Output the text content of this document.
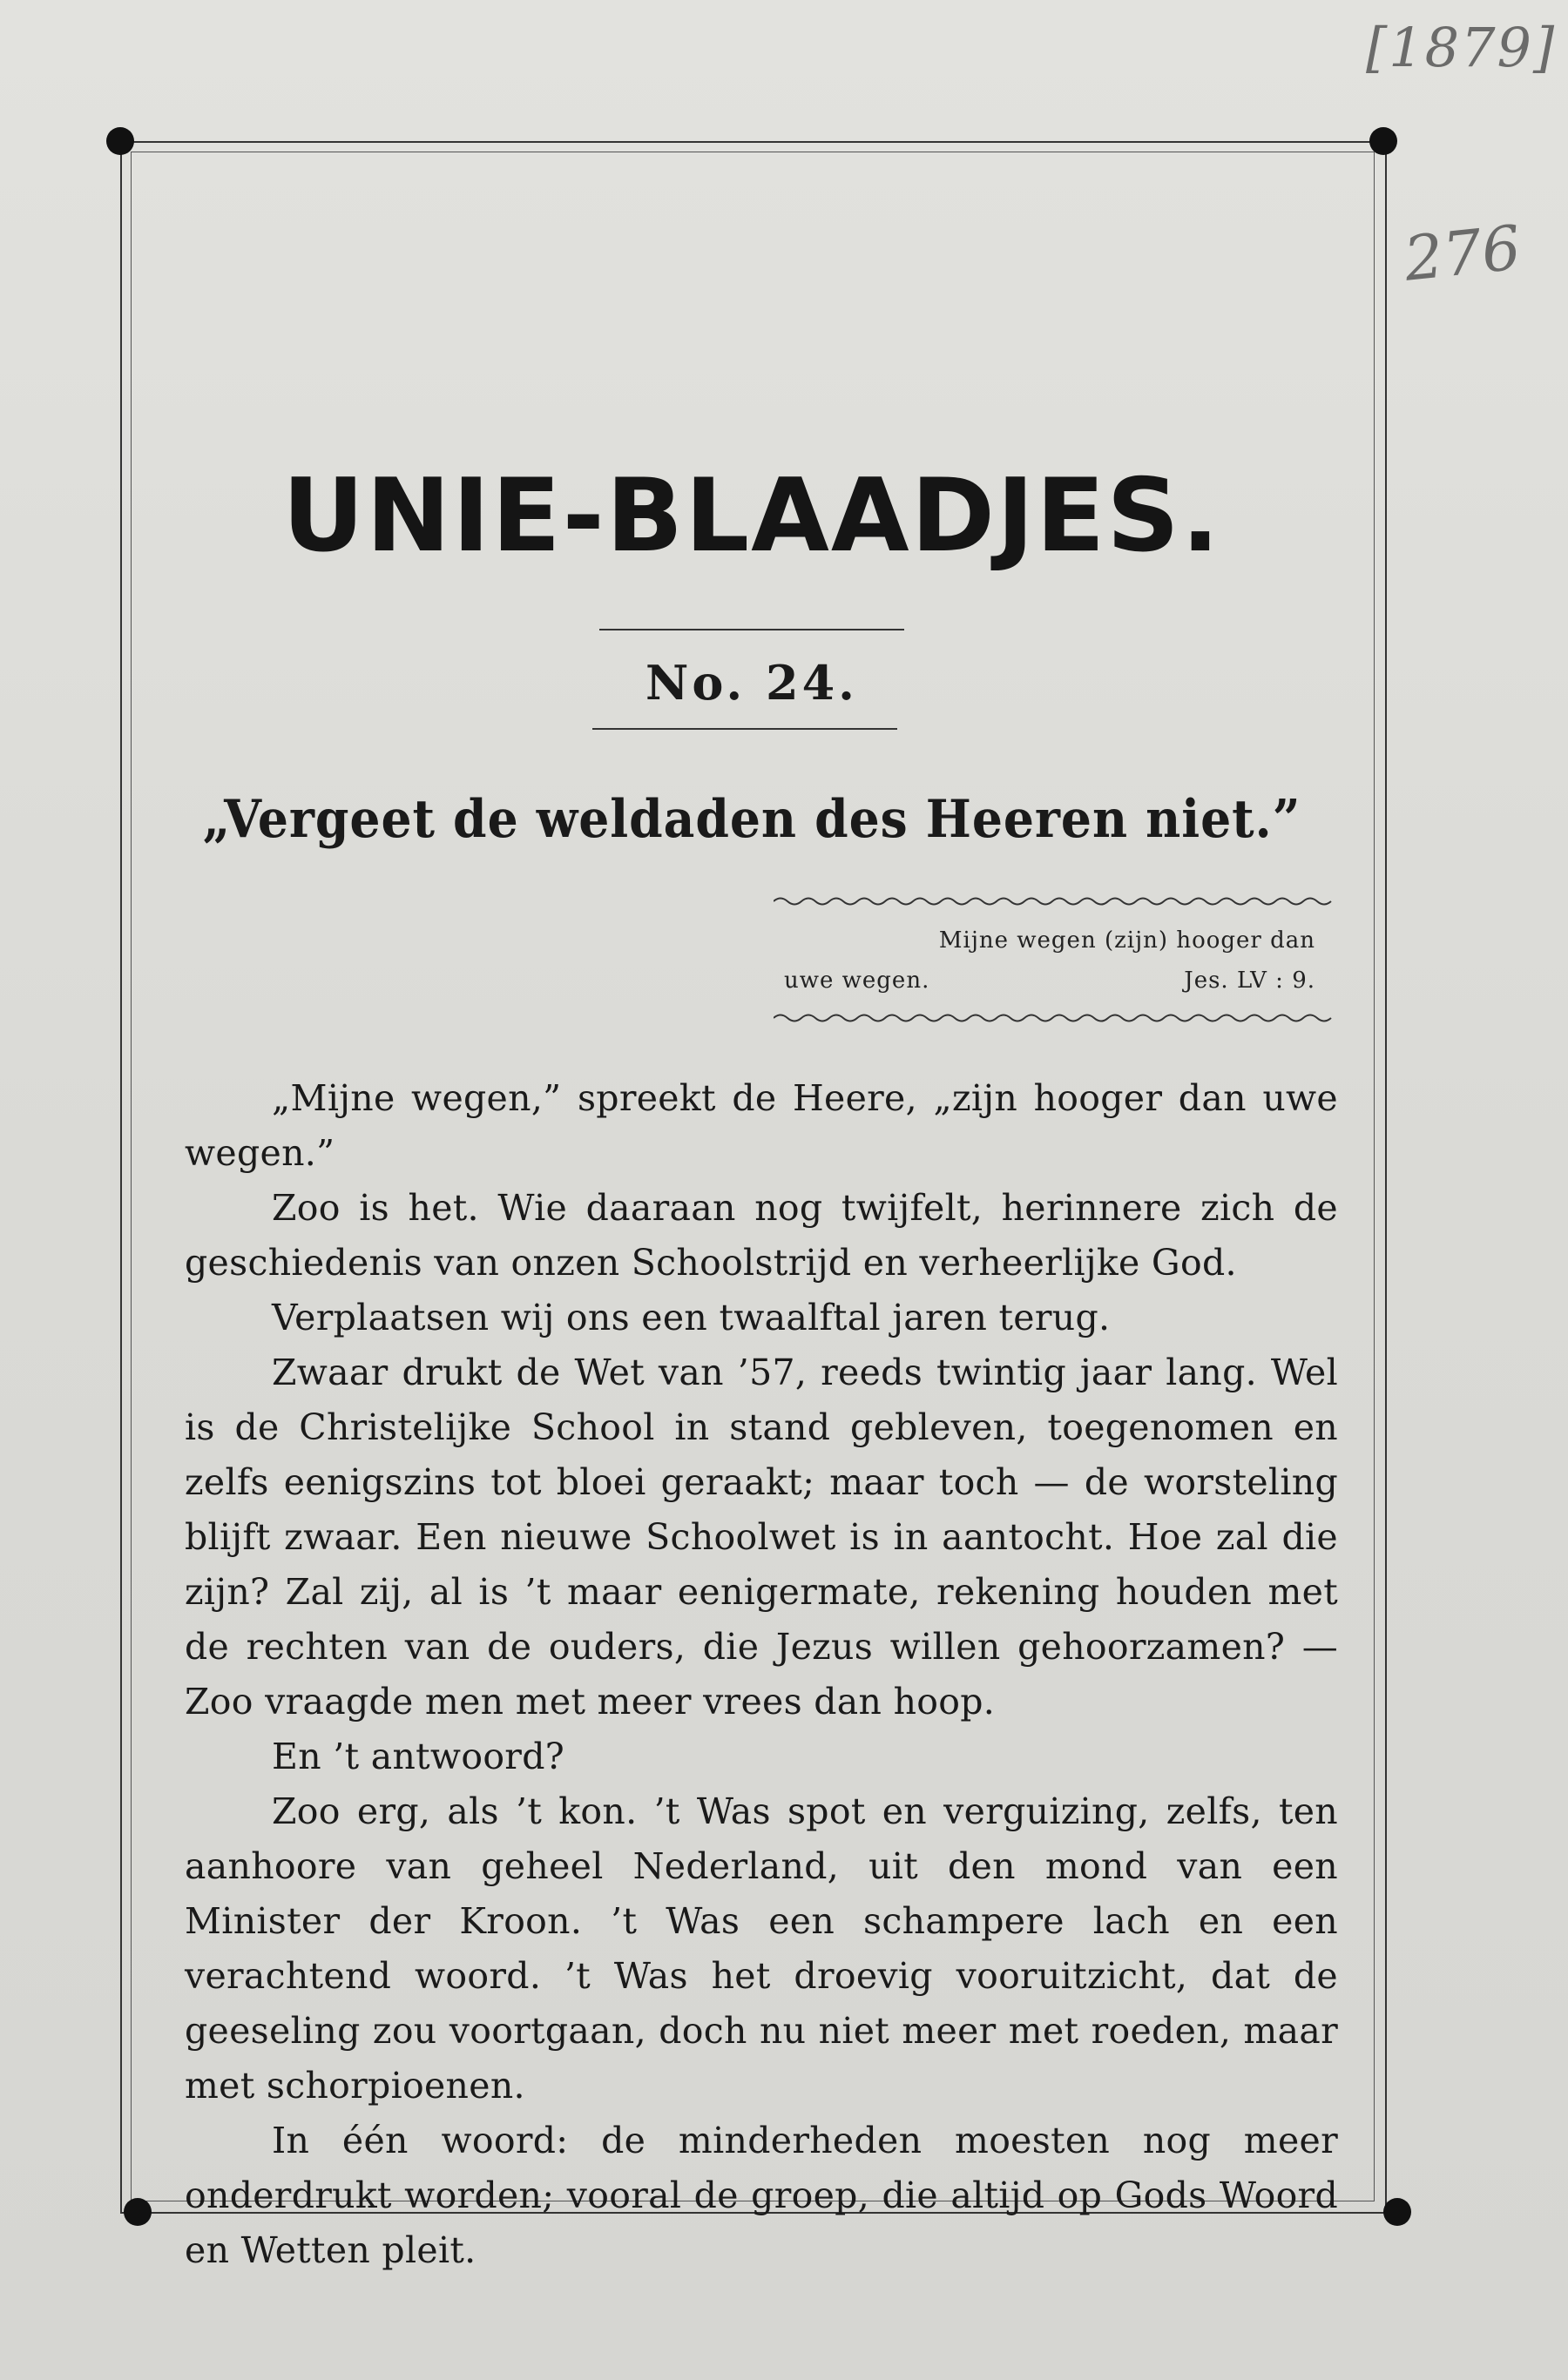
[1879]
276
UNIE-BLAADJES.
No. 24.
„Vergeet de weldaden des Heeren niet.”
Mijne wegen (zijn) hooger dan
uwe wegen.	Jes. LV : 9.

„Mijne wegen,” spreekt de Heere, „zijn hooger dan uwe wegen.”

Zoo is het. Wie daaraan nog twijfelt, herinnere zich de geschiedenis van onzen Schoolstrijd en verheerlijke God.

Verplaatsen wij ons een twaalftal jaren terug.

Zwaar drukt de Wet van ’57, reeds twintig jaar lang. Wel is de Christelijke School in stand gebleven, toegenomen en zelfs eenigszins tot bloei geraakt; maar toch — de worsteling blijft zwaar. Een nieuwe Schoolwet is in aantocht. Hoe zal die zijn? Zal zij, al is ’t maar eenigermate, rekening houden met de rechten van de ouders, die Jezus willen gehoorzamen? — Zoo vraagde men met meer vrees dan hoop.

En ’t antwoord?

Zoo erg, als ’t kon. ’t Was spot en verguizing, zelfs, ten aanhoore van geheel Nederland, uit den mond van een Minister der Kroon. ’t Was een schampere lach en een verachtend woord. ’t Was het droevig vooruitzicht, dat de geeseling zou voortgaan, doch nu niet meer met roeden, maar met schorpioenen.

In één woord: de minderheden moesten nog meer onderdrukt worden; vooral de groep, die altijd op Gods Woord en Wetten pleit.
